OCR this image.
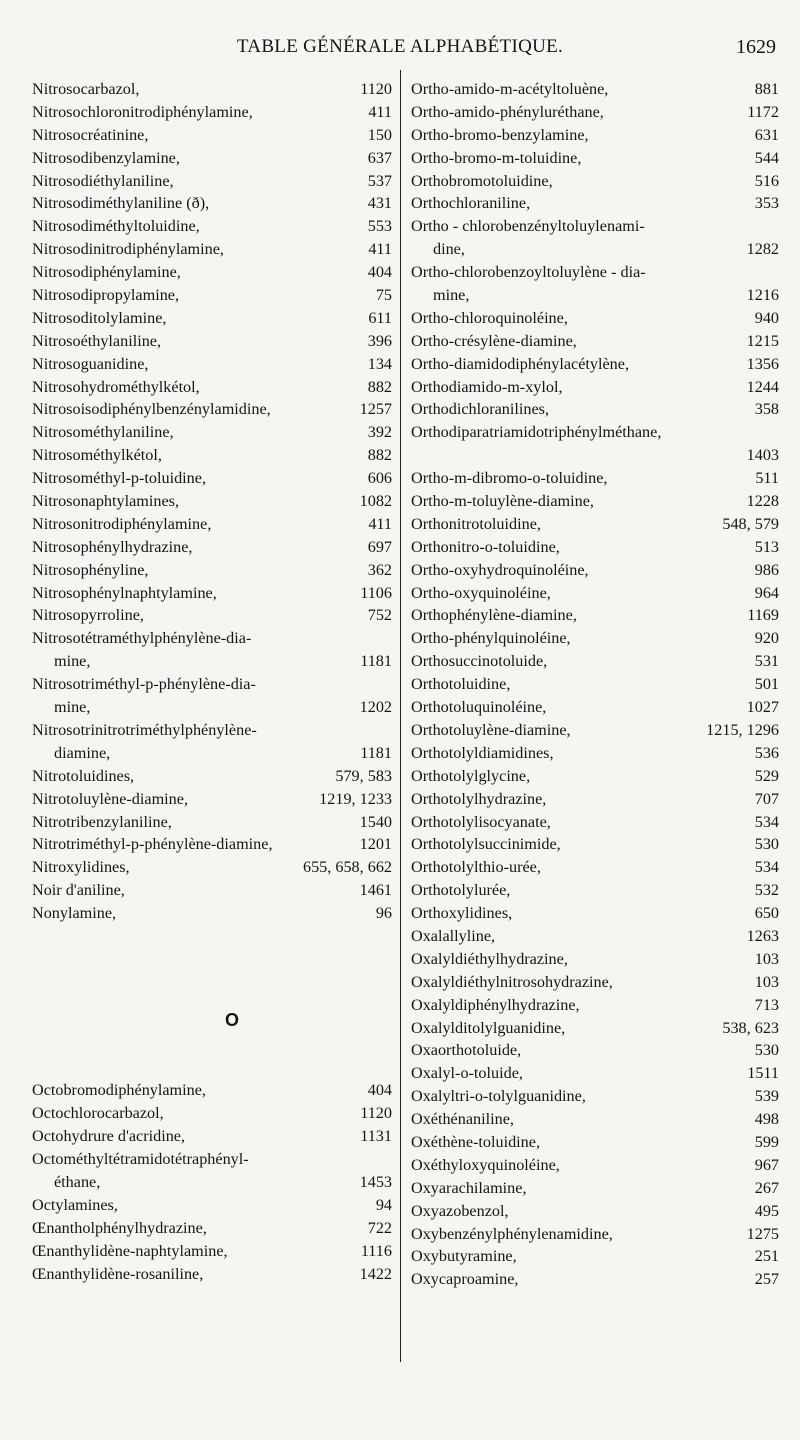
TABLE GÉNÉRALE ALPHABÉTIQUE.	1629
Nitrosocarbazol,	1120
Nitrosochloronitrodiphénylamine,	411
Nitrosocréatinine,	150
Nitrosodibenzylamine,	637
Nitrosodiéthylaniline,	537
Nitrosodiméthylaniline (ð),	431
Nitrosodiméthyltoluidine,	553
Nitrosodinitrodiphénylamine,	411
Nitrosodiphénylamine,	404
Nitrosodipropylamine,	75
Nitrosoditolylamine,	611
Nitrosoéthylaniline,	396
Nitrosoguanidine,	134
Nitrosohydrométhylkétol,	882
Nitrosoisodiphénylbenzénylamidine,	1257
Nitrosométhylaniline,	392
Nitrosométhylkétol,	882
Nitrosométhyl-p-toluidine,	606
Nitrosonaphtylamines,	1082
Nitrosonitrodiphénylamine,	411
Nitrosophénylhydrazine,	697
Nitrosophényline,	362
Nitrosophénylnaphtylamine,	1106
Nitrosopyrroline,	752
Nitrosotétraméthylphénylène-dia-
mine,	1181
Nitrosotriméthyl-p-phénylène-dia-
mine,	1202
Nitrosotrinitrotriméthylphénylène-
diamine,	1181
Nitrotoluidines,	579, 583
Nitrotoluylène-diamine,	1219, 1233
Nitrotribenzylaniline,	1540
Nitrotriméthyl-p-phénylène-diamine,	1201
Nitroxylidines,	655, 658, 662
Noir d'aniline,	1461
Nonylamine,	96
O
Octobromodiphénylamine,	404
Octochlorocarbazol,	1120
Octohydrure d'acridine,	1131
Octométhyltétramidotétraphényl-
éthane,	1453
Octylamines,	94
Œnantholphénylhydrazine,	722
Œnanthylidène-naphtylamine,	1116
Œnanthylidène-rosaniline,	1422
Ortho-amido-m-acétyltoluène,	881
Ortho-amido-phényluréthane,	1172
Ortho-bromo-benzylamine,	631
Ortho-bromo-m-toluidine,	544
Orthobromotoluidine,	516
Orthochloraniline,	353
Ortho - chlorobenzényltoluylenami-
dine,	1282
Ortho-chlorobenzoyltoluylène - dia-
mine,	1216
Ortho-chloroquinoléine,	940
Ortho-crésylène-diamine,	1215
Ortho-diamidodiphénylacétylène,	1356
Orthodiamido-m-xylol,	1244
Orthodichloranilines,	358
Orthodiparatriamidotriphénylméthane,
1403
Ortho-m-dibromo-o-toluidine,	511
Ortho-m-toluylène-diamine,	1228
Orthonitrotoluidine,	548, 579
Orthonitro-o-toluidine,	513
Ortho-oxyhydroquinoléine,	986
Ortho-oxyquinoléine,	964
Orthophénylène-diamine,	1169
Ortho-phénylquinoléine,	920
Orthosuccinotoluide,	531
Orthotoluidine,	501
Orthotoluquinoléine,	1027
Orthotoluylène-diamine,	1215, 1296
Orthotolyldiamidines,	536
Orthotolylglycine,	529
Orthotolylhydrazine,	707
Orthotolylisocyanate,	534
Orthotolylsuccinimide,	530
Orthotolylthio-urée,	534
Orthotolylurée,	532
Orthoxylidines,	650
Oxalallyline,	1263
Oxalyldiéthylhydrazine,	103
Oxalyldiéthylnitrosohydrazine,	103
Oxalyldiphénylhydrazine,	713
Oxalylditolylguanidine,	538, 623
Oxaorthotoluide,	530
Oxalyl-o-toluide,	1511
Oxalyltri-o-tolylguanidine,	539
Oxéthénaniline,	498
Oxéthène-toluidine,	599
Oxéthyloxyquinoléine,	967
Oxyarachilamine,	267
Oxyazobenzol,	495
Oxybenzénylphénylenamidine,	1275
Oxybutyramine,	251
Oxycaproamine,	257
